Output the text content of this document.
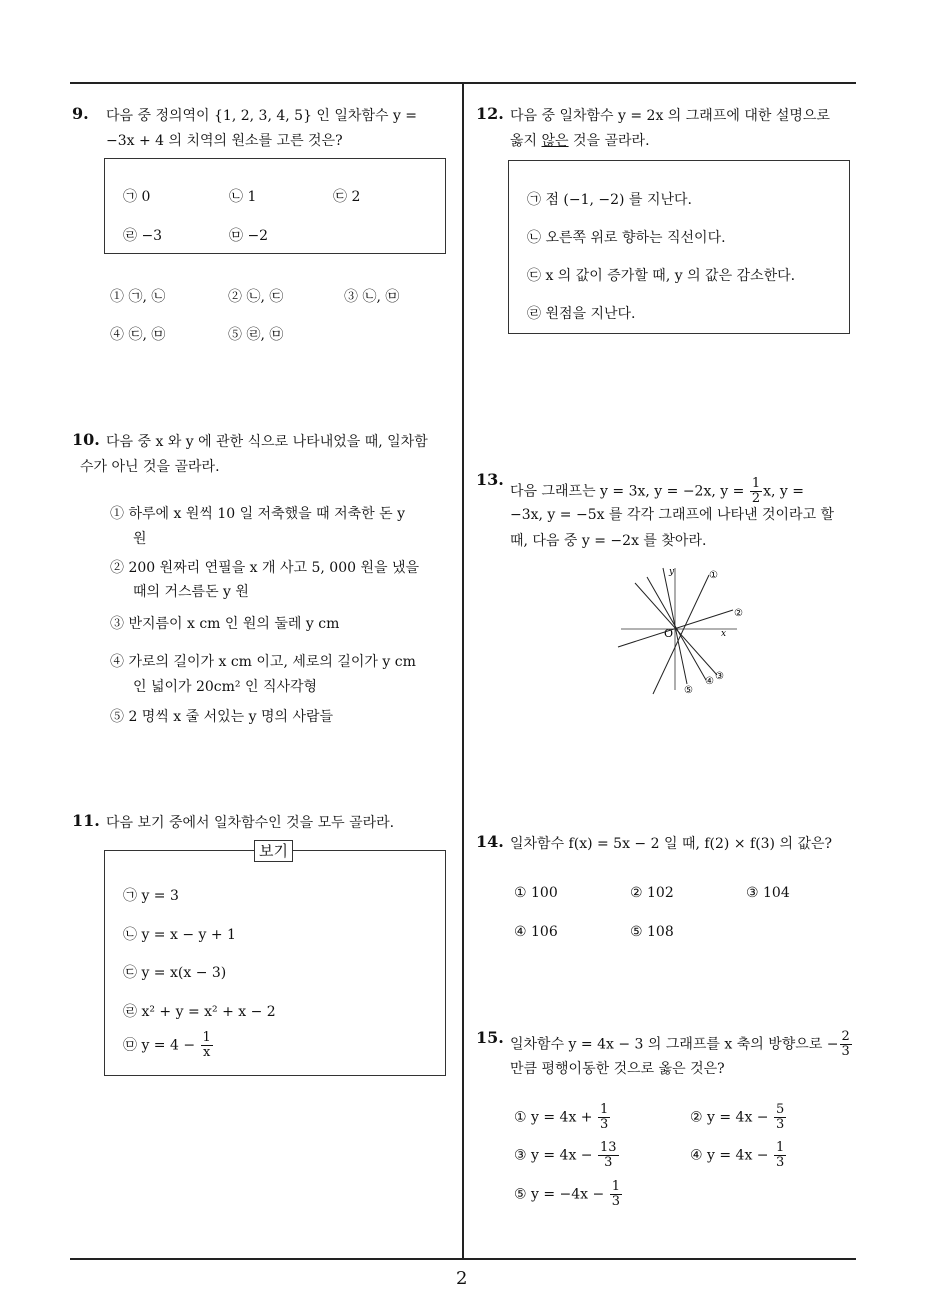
2
9. 다음 중 정의역이 {1, 2, 3, 4, 5} 인 일차함수 y =
−3x + 4 의 치역의 원소를 고른 것은?
㉠ 0	㉡ 1	㉢ 2
㉣ −3	㉤ −2
① ㉠, ㉡	② ㉡, ㉢	③ ㉡, ㉤
④ ㉢, ㉤	⑤ ㉣, ㉤
10. 다음 중 x 와 y 에 관한 식으로 나타내었을 때, 일차함
수가 아닌 것을 골라라.
① 하루에 x 원씩 10 일 저축했을 때 저축한 돈 y
원
② 200 원짜리 연필을 x 개 사고 5, 000 원을 냈을
때의 거스름돈 y 원
③ 반지름이 x cm 인 원의 둘레 y cm
④ 가로의 길이가 x cm 이고, 세로의 길이가 y cm
인 넓이가 20cm² 인 직사각형
⑤ 2 명씩 x 줄 서있는 y 명의 사람들
11. 다음 보기 중에서 일차함수인 것을 모두 골라라.
㉠ y = 3
㉡ y = x − y + 1
㉢ y = x(x − 3)
㉣ x² + y = x² + x − 2
㉤ $y = 4 - \frac{1}{x}$
보기
12. 다음 중 일차함수 y = 2x 의 그래프에 대한 설명으로
옳지 않은 것을 골라라.
㉠ 점 (−1, −2) 를 지난다.
㉡ 오른쪽 위로 향하는 직선이다.
㉢ x 의 값이 증가할 때, y 의 값은 감소한다.
㉣ 원점을 지난다.
13.
다음 그래프는 y = 3x, y = −2x, $y = \frac{1}{2} x$, y =
−3x, y = −5x 를 각각 그래프에 나타낸 것이라고 할
때, 다음 중 y = −2x 를 찾아라.
y
x
O
①
②
③
④
⑤
14. 일차함수 f(x) = 5x − 2 일 때, f(2) × f(3) 의 값은?
① 100	② 102	③ 104
④ 106	⑤ 108
15. 일차함수 y = 4x − 3 의 그래프를 x 축의 방향으로 − $\frac{2}{3}$
만큼 평행이동한 것으로 옳은 것은?
① $y = 4x + \frac{1}{3}$	② $y = 4x - \frac{5}{3}$
③ $y = 4x - \frac{13}{3}$	④ $y = 4x - \frac{1}{3}$
⑤ $y = -4x - \frac{1}{3}$
